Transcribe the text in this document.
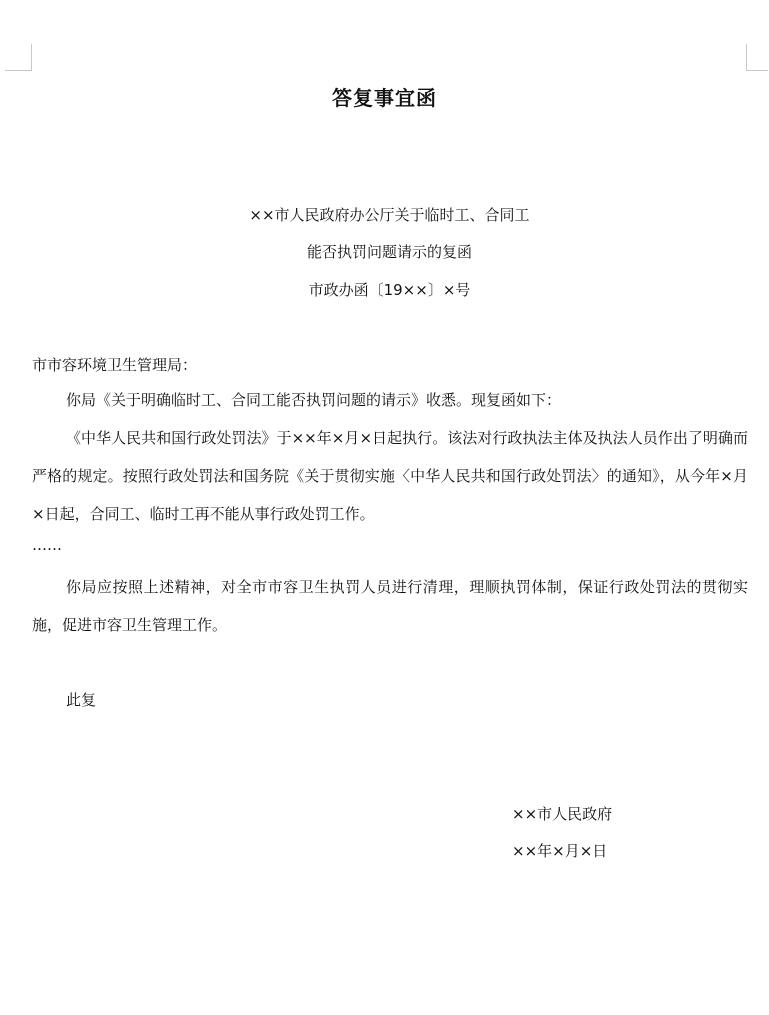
答复事宜函
××市人民政府办公厅关于临时工、合同工
能否执罚问题请示的复函
市政办函〔19××〕×号
市市容环境卫生管理局：
你局《关于明确临时工、合同工能否执罚问题的请示》收悉。现复函如下：
《中华人民共和国行政处罚法》于××年×月×日起执行。该法对行政执法主体及执法人员作出了明确而严格的规定。按照行政处罚法和国务院《关于贯彻实施〈中华人民共和国行政处罚法〉的通知》，从今年×月×日起，合同工、临时工再不能从事行政处罚工作。
……
你局应按照上述精神，对全市市容卫生执罚人员进行清理，理顺执罚体制，保证行政处罚法的贯彻实施，促进市容卫生管理工作。
此复
××市人民政府
××年×月×日
